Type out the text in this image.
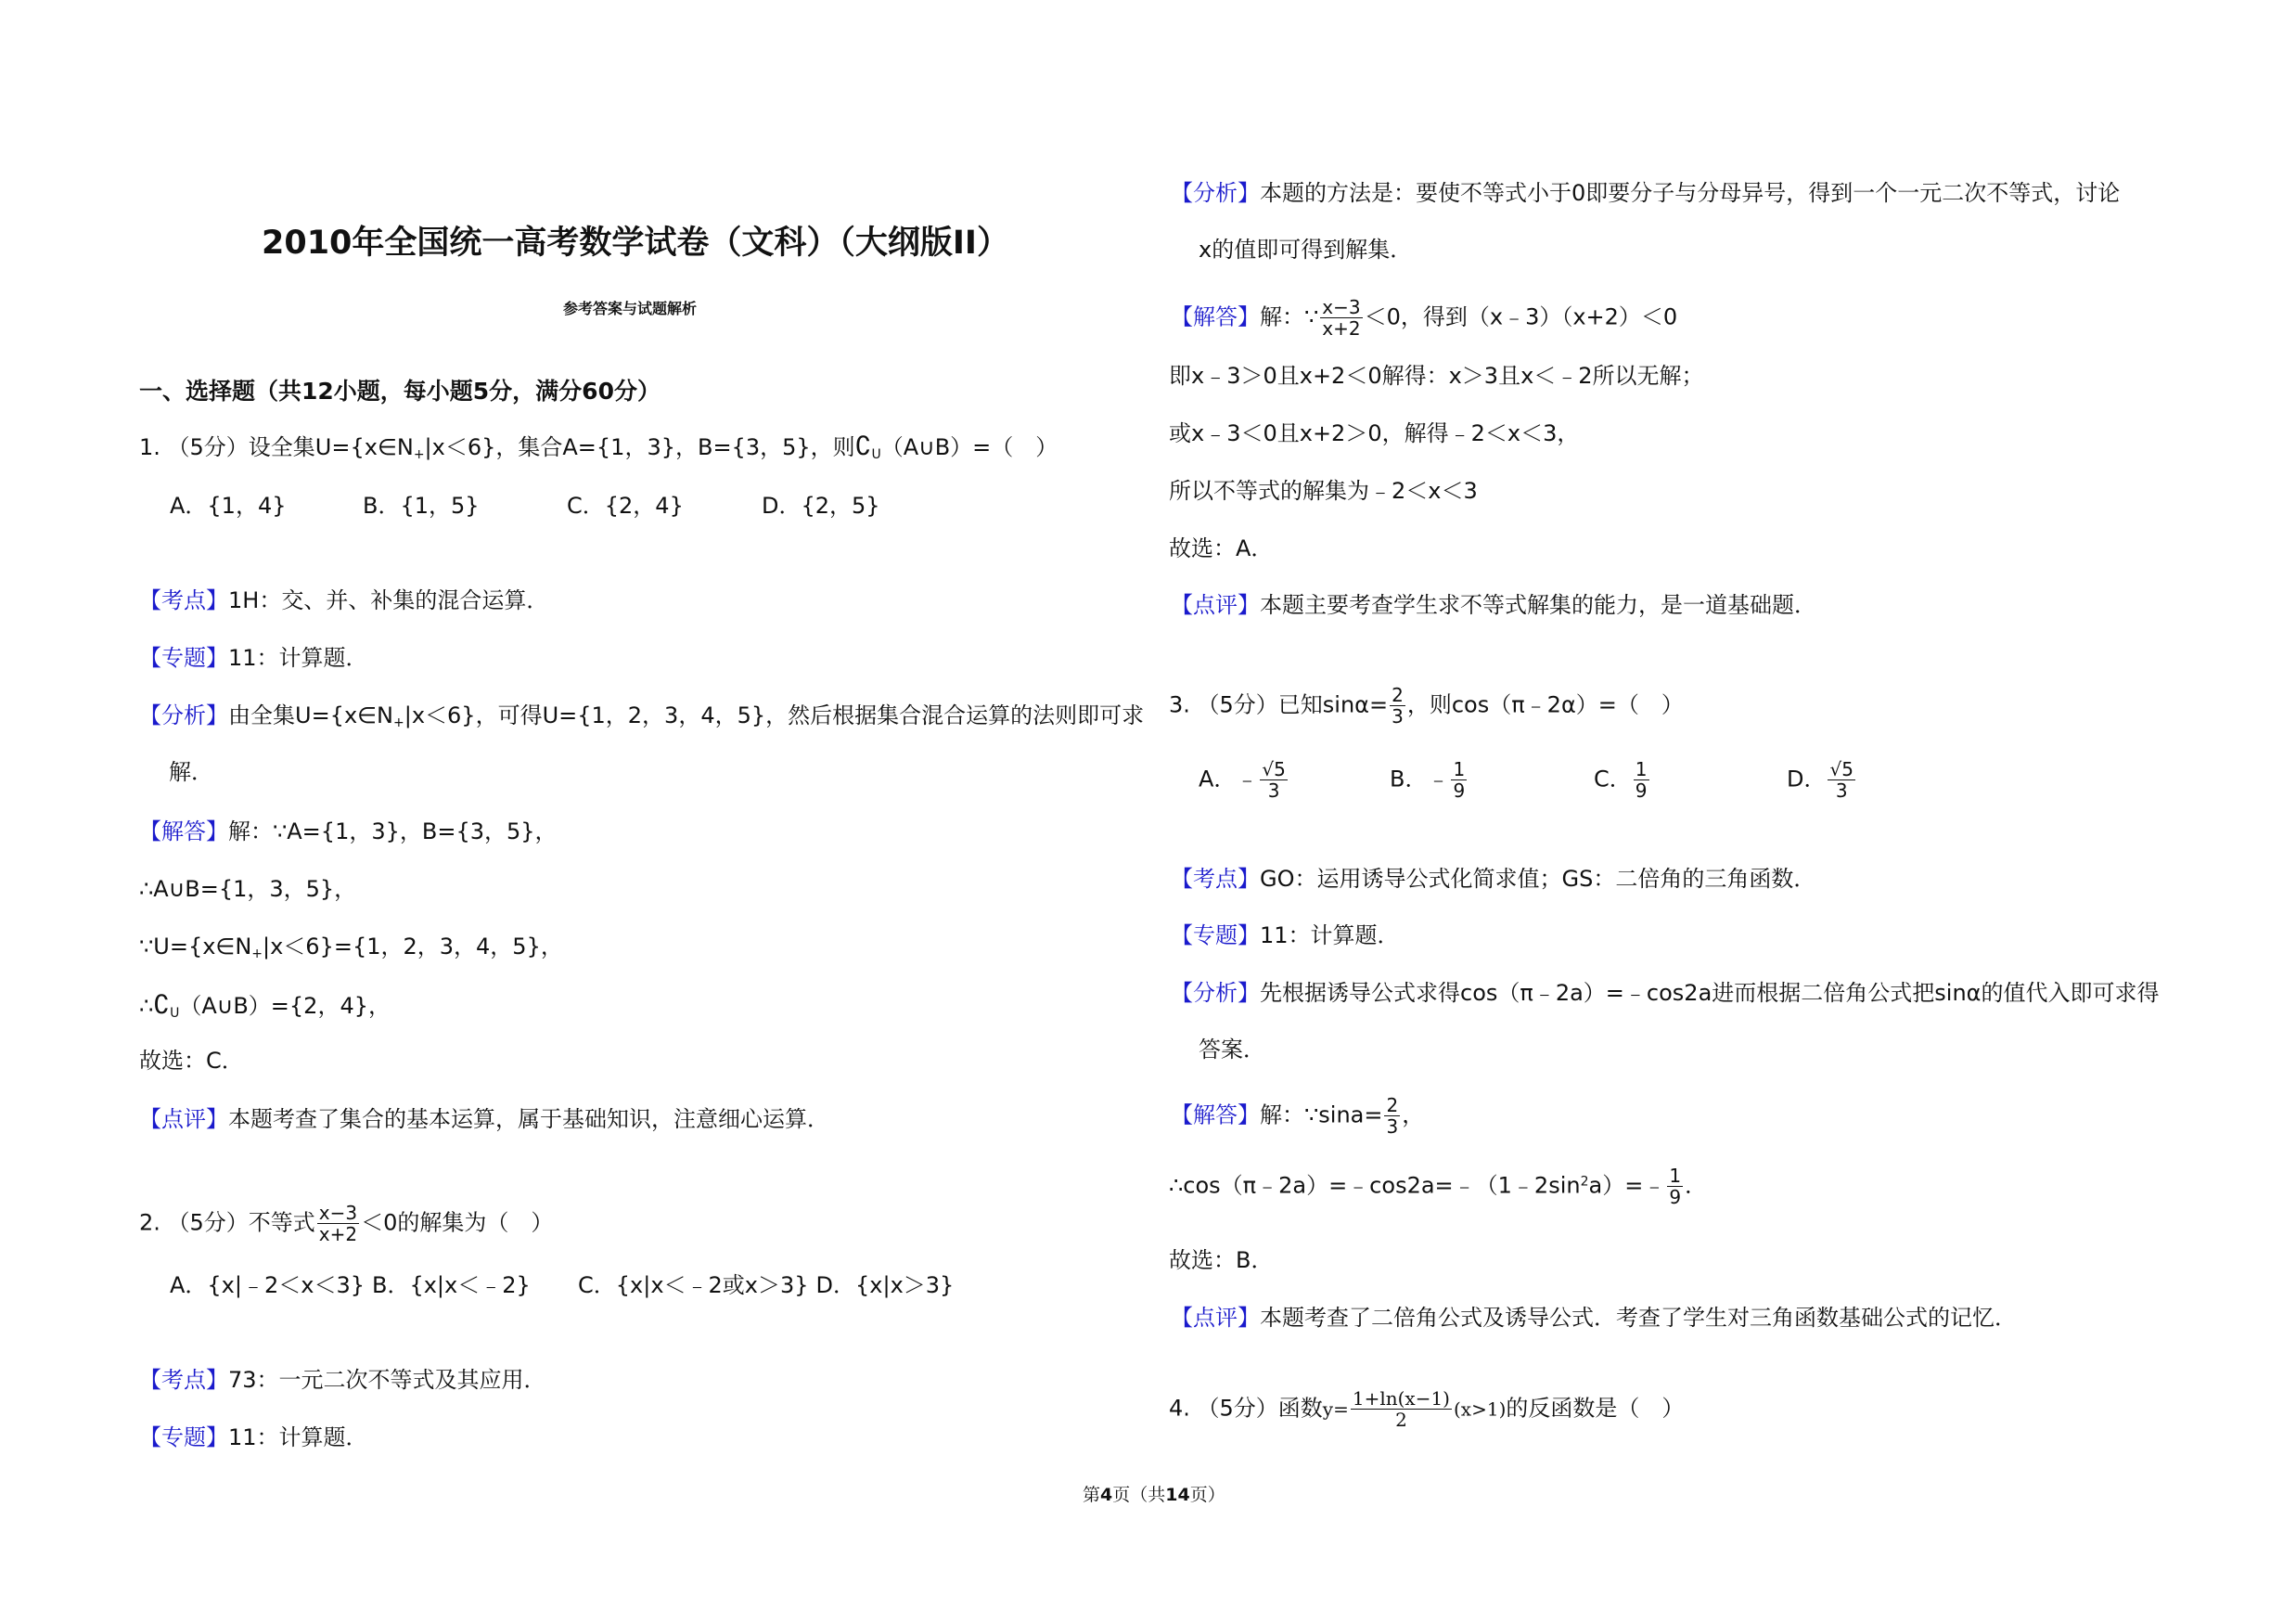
2010年全国统一高考数学试卷（文科）（大纲版II）
参考答案与试题解析
一、选择题（共12小题，每小题5分，满分60分）
1. （5分）设全集$U=\{x\in N_+|x<6\}$，集合A={1，3}，B={3，5}，则$∁_U(A\cup B)=$（　）
A．{1，4}	B．{1，5}	C．{2，4}	D．{2，5}
【考点】1H：交、并、补集的混合运算．
【专题】11：计算题．
【分析】由全集$U=\{x\in N_+|x<6\}$，可得U={1，2，3，4，5}，然后根据集合混合运算的法则即可求
解．
【解答】解：∵A={1，3}，B={3，5}，
∴A∪B={1，3，5}，
$\because U=\{x\in N_+|x<6\}=\{1$，2，3，4，5}，
$\therefore∁_U(A\cup B)=\{2$，4}，
故选：C．
【点评】本题考查了集合的基本运算，属于基础知识，注意细心运算．
2. （5分）不等式 $\frac{x-3}{x+2} <0$的解集为（　）
A．{x|﹣2＜x＜3} B．{x|x＜﹣2} C．{x|x＜﹣2或x＞3} D．{x|x＞3}
【考点】73：一元二次不等式及其应用．
【专题】11：计算题．
【分析】本题的方法是：要使不等式小于0即要分子与分母异号，得到一个一元二次不等式，讨论
x的值即可得到解集．
【解答】解：∵ $\frac{x-3}{x+2} <0$，得到（x﹣3）（x+2）＜0
即x﹣3＞0且x+2＜0解得：x＞3且x＜﹣2所以无解；
或x﹣3＜0且x+2＞0，解得﹣2＜x＜3，
所以不等式的解集为﹣2＜x＜3
故选：A．
【点评】本题主要考查学生求不等式解集的能力，是一道基础题．
3. （5分）已知$\sin\alpha= \frac{2}{3}$ ，则cos（π﹣2α）=（　）
A．﹣ $\frac{√5}{3}$	B．﹣ $\frac{1}{9}$	C． $\frac{1}{9}$	D． $\frac{√5}{3}$
【考点】GO：运用诱导公式化简求值；GS：二倍角的三角函数．
【专题】11：计算题．
【分析】先根据诱导公式求得cos（π﹣2a）=﹣cos2a进而根据二倍角公式把sinα的值代入即可求得
答案．
【解答】解：∵sina= $\frac{2}{3}$ ，
$\therefore\cos(\pi﹣2a)=﹣\cos 2a=﹣(1﹣2\sin^2a)=﹣ \frac{1}{9}$ ．
故选：B．
【点评】本题考查了二倍角公式及诱导公式．考查了学生对三角函数基础公式的记忆．
4. （5分）函数$y= \frac{1+\ln(x-1)}{2} (x>1)$的反函数是（　）
第4页（共14页）
